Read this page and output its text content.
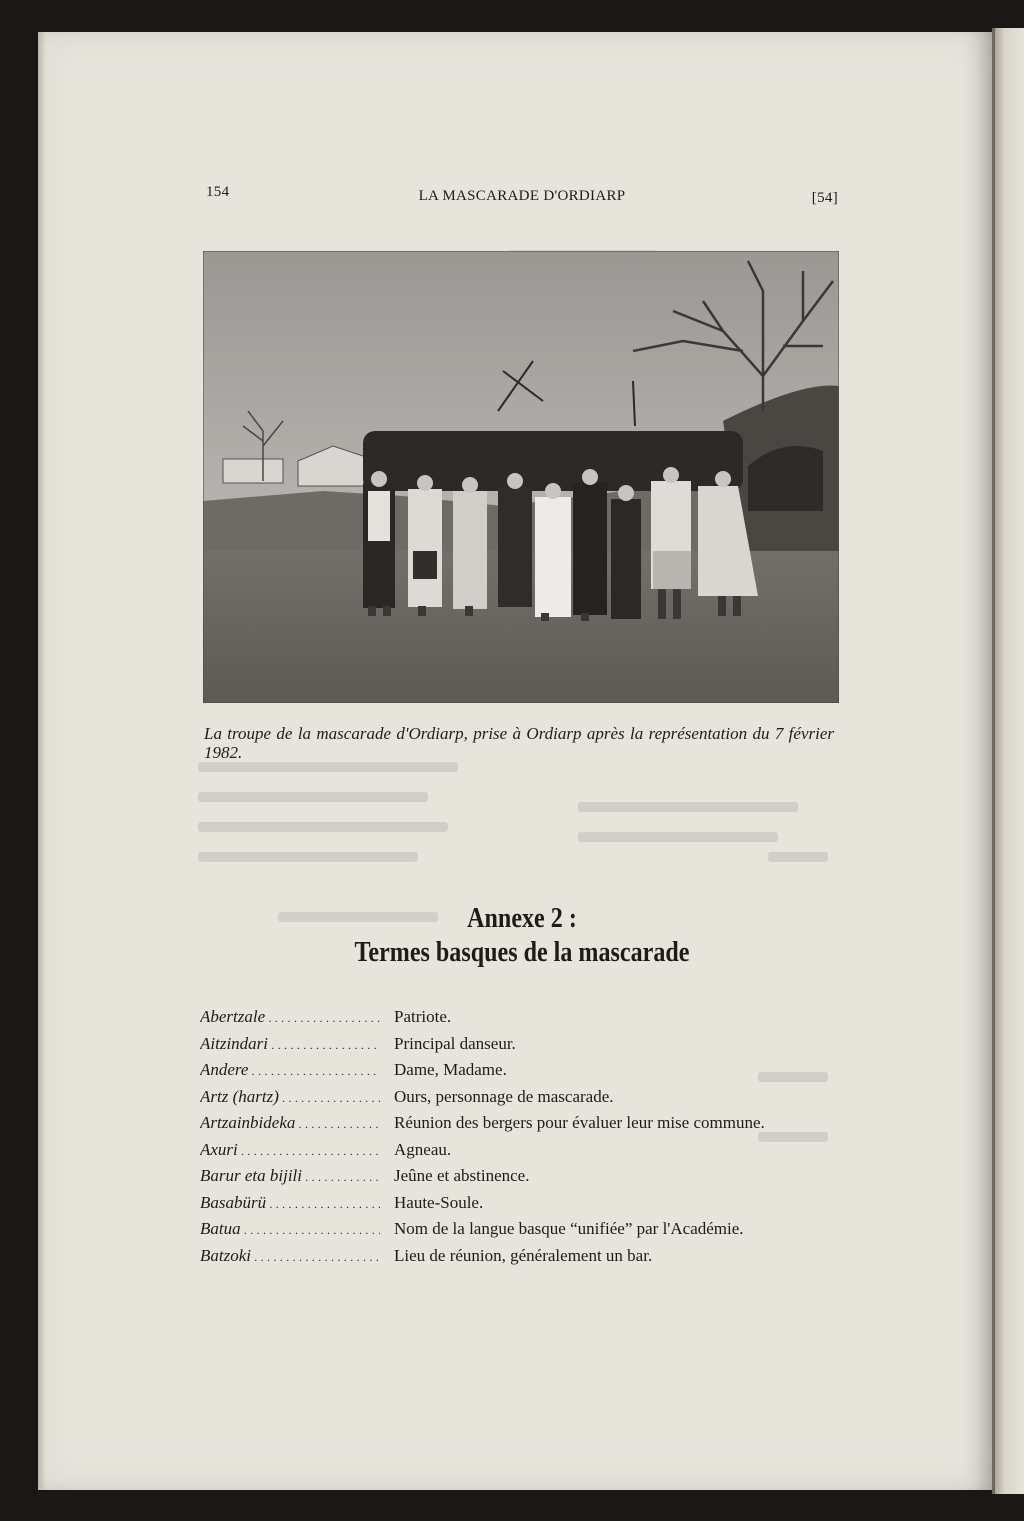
154	LA MASCARADE D'ORDIARP	[54]
La troupe de la mascarade d'Ordiarp, prise à Ordiarp après la représentation du 7 février 1982.
Annexe 2 :
Termes basques de la mascarade
Abertzale . . .	Patriote.
Aitzindari . . .	Principal danseur.
Andere . . .	Dame, Madame.
Artz (hartz) . . .	Ours, personnage de mascarade.
Artzainbideka . . .	Réunion des bergers pour évaluer leur mise commune.
Axuri . . .	Agneau.
Barur eta bijili . . .	Jeûne et abstinence.
Basabürü . . .	Haute-Soule.
Batua . . .	Nom de la langue basque “unifiée” par l'Académie.
Batzoki . . .	Lieu de réunion, généralement un bar.
